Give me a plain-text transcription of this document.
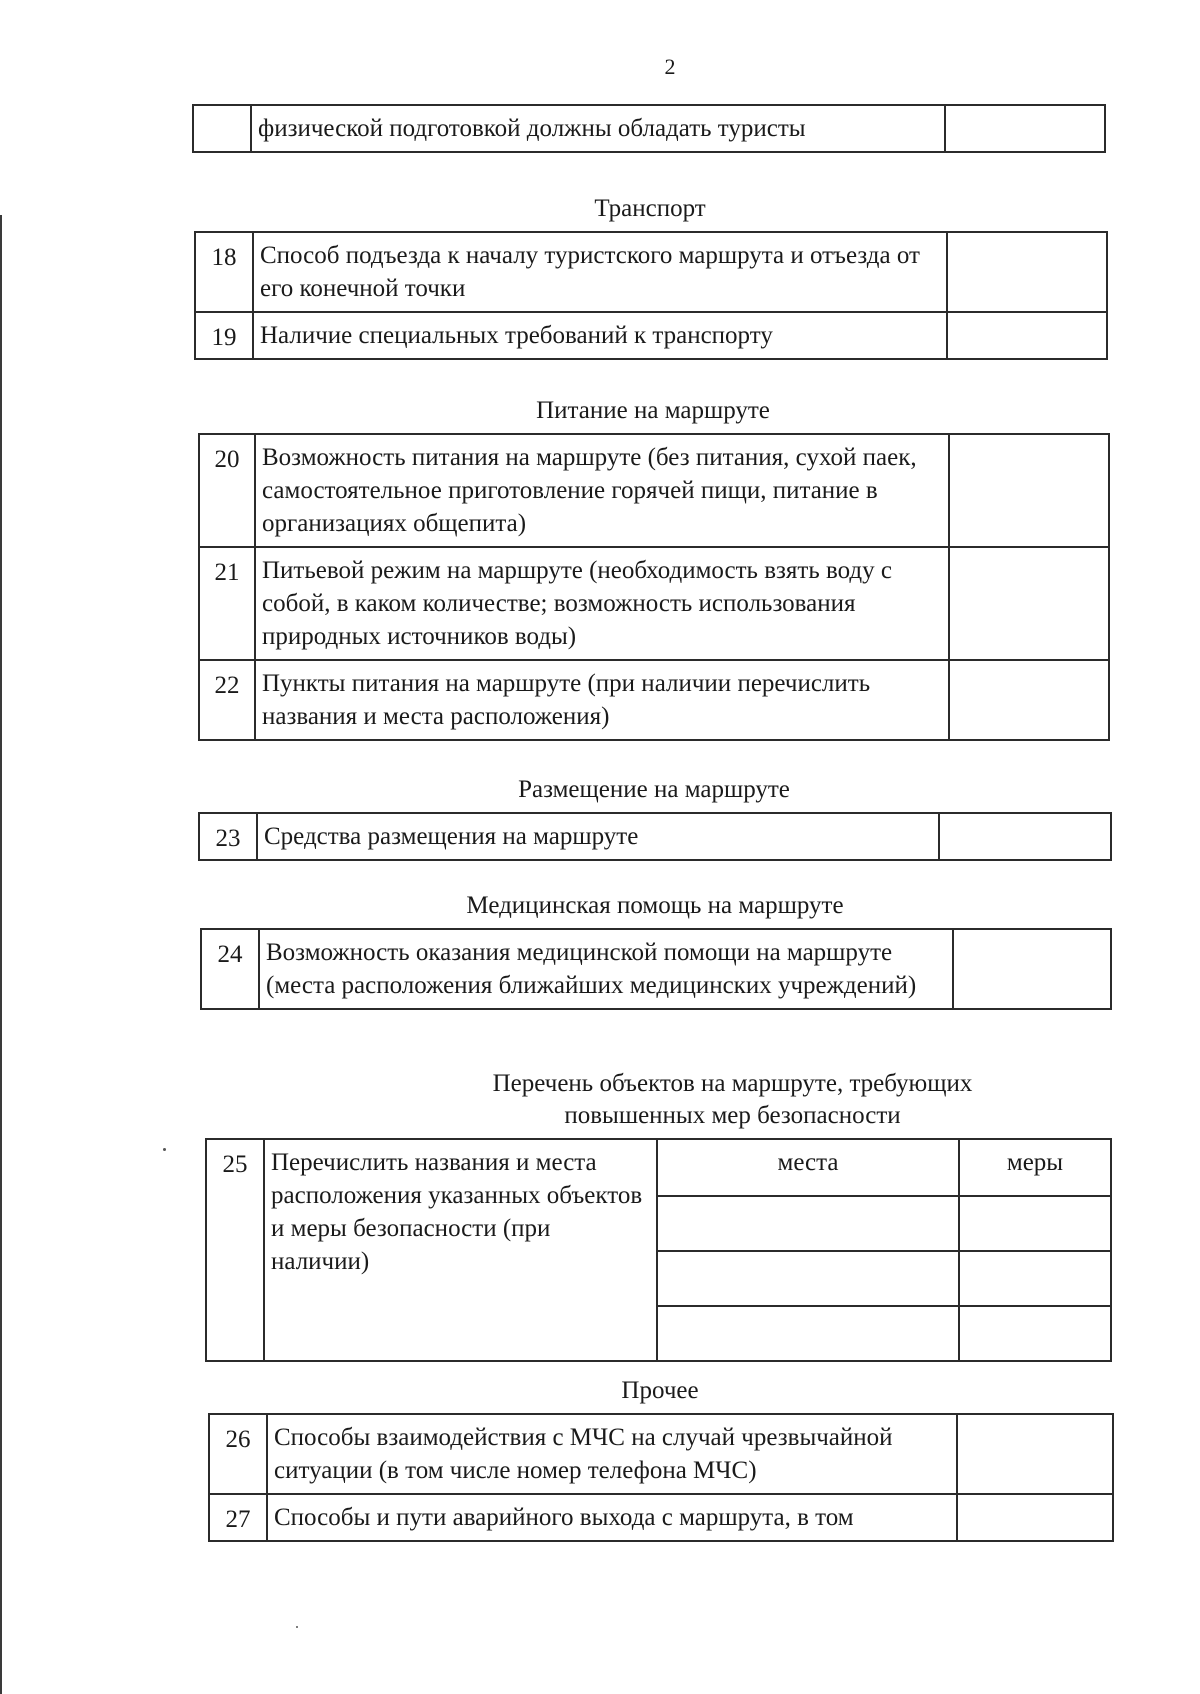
2
	физической подготовкой должны обладать туристы	
Транспорт
18	Способ подъезда к началу туристского маршрута и отъезда от его конечной точки	
19	Наличие специальных требований к транспорту	
Питание на маршруте
20	Возможность питания на маршруте (без питания, сухой паек, самостоятельное приготовление горячей пищи, питание в организациях общепита)	
21	Питьевой режим на маршруте (необходимость взять воду с собой, в каком количестве; возможность использования природных источников воды)	
22	Пункты питания на маршруте (при наличии перечислить названия и места расположения)	
Размещение на маршруте
23	Средства размещения на маршруте	
Медицинская помощь на маршруте
24	Возможность оказания медицинской помощи на маршруте (места расположения ближайших медицинских учреждений)	
Перечень объектов на маршруте, требующих повышенных мер безопасности
25	Перечислить названия и места расположения указанных объектов и меры безопасности (при наличии)	места	меры

Прочее
26	Способы взаимодействия с МЧС на случай чрезвычайной ситуации (в том числе номер телефона МЧС)	
27	Способы и пути аварийного выхода с маршрута, в том	
